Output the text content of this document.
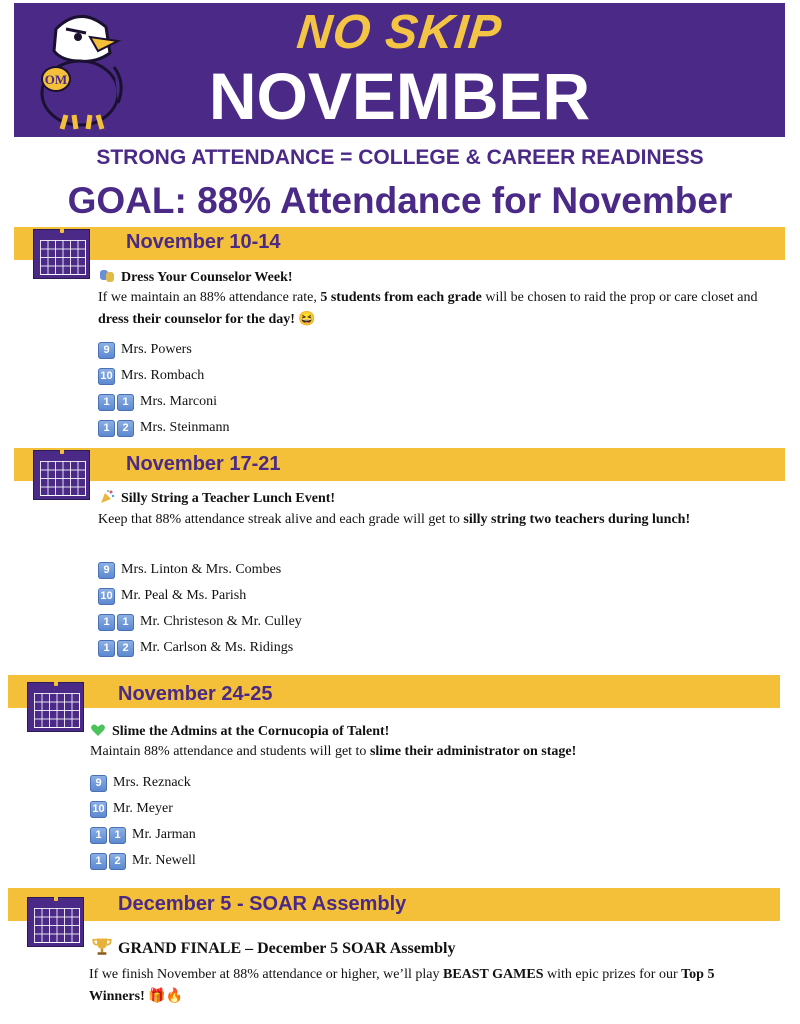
OM
NO SKIP
NOVEMBER
STRONG ATTENDANCE = COLLEGE & CAREER READINESS
GOAL: 88% Attendance for November
November 10-14
Dress Your Counselor Week!
If we maintain an 88% attendance rate, 5 students from each grade will be chosen to raid the prop or care closet and dress their counselor for the day! 😆
9 Mrs. Powers
10 Mrs. Rombach
1	1 Mrs. Marconi
1	2 Mrs. Steinmann
November 17-21
Silly String a Teacher Lunch Event!
Keep that 88% attendance streak alive and each grade will get to silly string two teachers during lunch!
9 Mrs. Linton & Mrs. Combes
10 Mr. Peal & Ms. Parish
1	1 Mr. Christeson & Mr. Culley
1	2 Mr. Carlson & Ms. Ridings
November 24-25
Slime the Admins at the Cornucopia of Talent!
Maintain 88% attendance and students will get to slime their administrator on stage!
9 Mrs. Reznack
10 Mr. Meyer
1	1 Mr. Jarman
1	2 Mr. Newell
December 5 - SOAR Assembly
GRAND FINALE – December 5 SOAR Assembly
If we finish November at 88% attendance or higher, we’ll play BEAST GAMES with epic prizes for our Top 5 Winners! 🎁🔥
